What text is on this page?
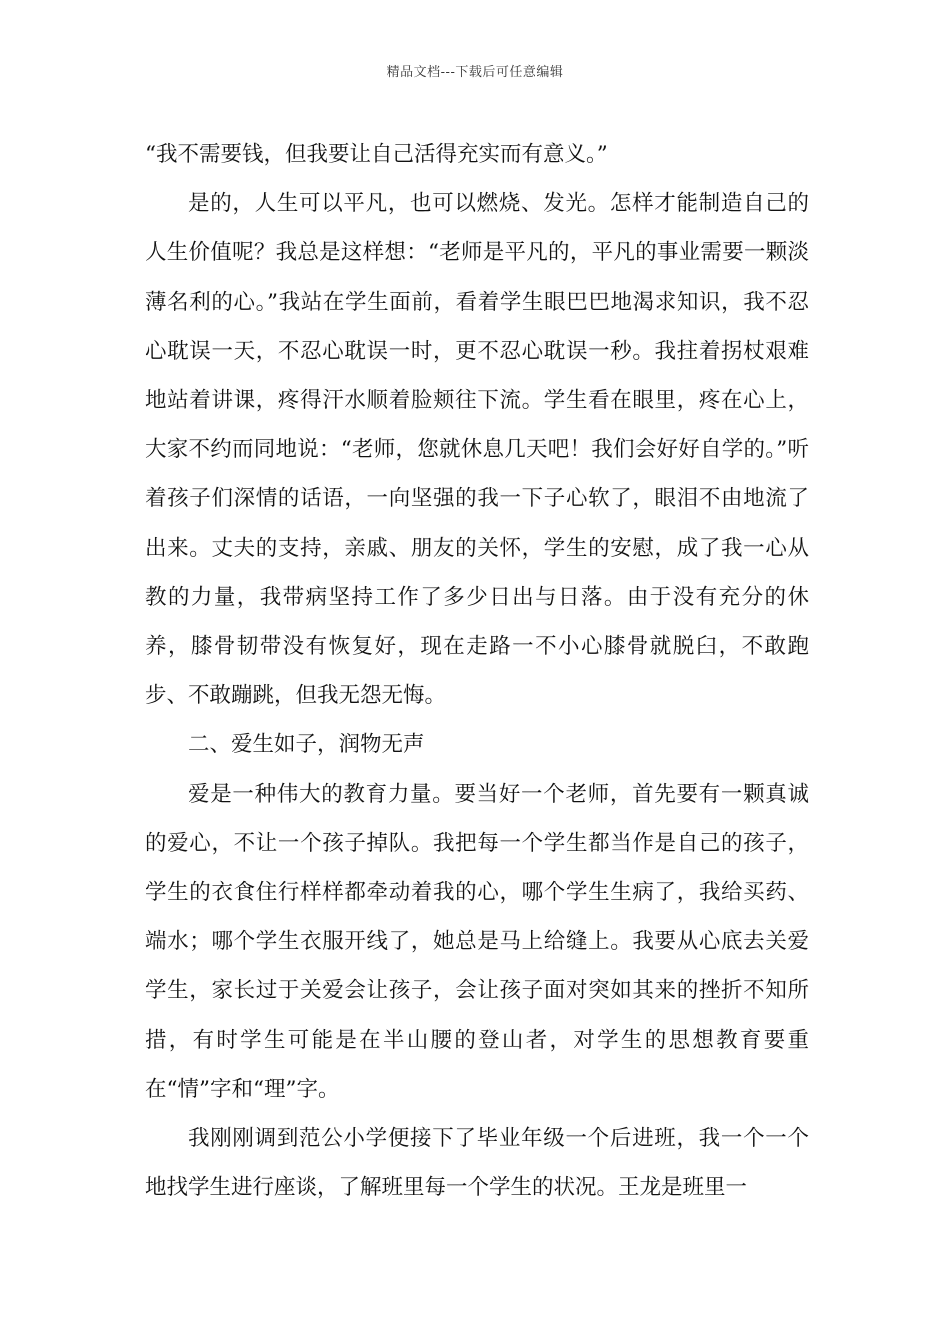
精品文档---下载后可任意编辑

“我不需要钱，但我要让自己活得充实而有意义。”

是的，人生可以平凡，也可以燃烧、发光。怎样才能制造自己的人生价值呢？我总是这样想：“老师是平凡的，平凡的事业需要一颗淡薄名利的心。”我站在学生面前，看着学生眼巴巴地渴求知识，我不忍心耽误一天，不忍心耽误一时，更不忍心耽误一秒。我拄着拐杖艰难地站着讲课，疼得汗水顺着脸颊往下流。学生看在眼里，疼在心上，大家不约而同地说：“老师，您就休息几天吧！我们会好好自学的。”听着孩子们深情的话语，一向坚强的我一下子心软了，眼泪不由地流了出来。丈夫的支持，亲戚、朋友的关怀，学生的安慰，成了我一心从教的力量，我带病坚持工作了多少日出与日落。由于没有充分的休养，膝骨韧带没有恢复好，现在走路一不小心膝骨就脱臼，不敢跑步、不敢蹦跳，但我无怨无悔。

二、爱生如子，润物无声

爱是一种伟大的教育力量。要当好一个老师，首先要有一颗真诚的爱心，不让一个孩子掉队。我把每一个学生都当作是自己的孩子，学生的衣食住行样样都牵动着我的心，哪个学生生病了，我给买药、端水；哪个学生衣服开线了，她总是马上给缝上。我要从心底去关爱学生，家长过于关爱会让孩子，会让孩子面对突如其来的挫折不知所措，有时学生可能是在半山腰的登山者，对学生的思想教育要重在“情”字和“理”字。

我刚刚调到范公小学便接下了毕业年级一个后进班，我一个一个地找学生进行座谈，了解班里每一个学生的状况。王龙是班里一
